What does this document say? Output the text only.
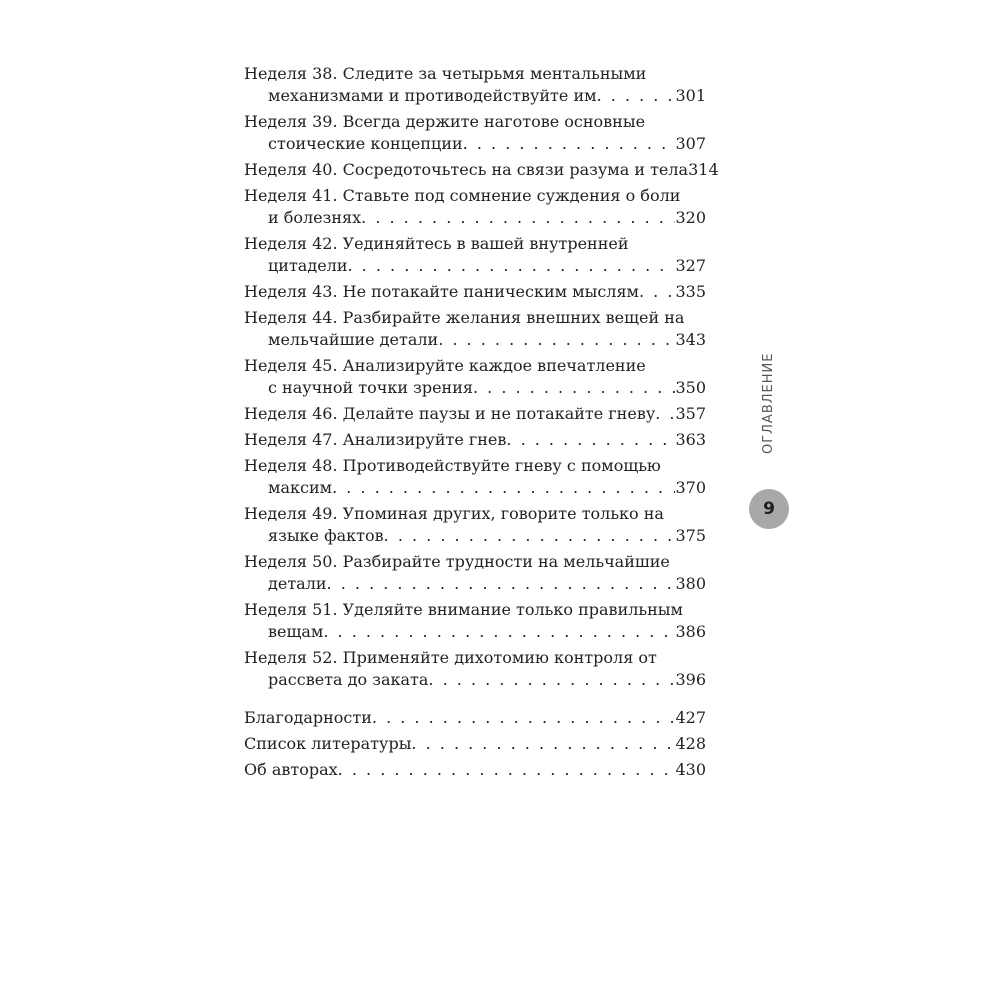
Неделя 38. Следите за четырьмя ментальными
механизмами и противодействуйте им . . .	301
Неделя 39. Всегда держите наготове основные
стоические концепции . . .	307
Неделя 40. Сосредоточьтесь на связи разума и тела 314
Неделя 41. Ставьте под сомнение суждения о боли
и болезнях . . .	320
Неделя 42. Уединяйтесь в вашей внутренней
цитадели . . .	327
Неделя 43. Не потакайте паническим мыслям . . . 335
Неделя 44. Разбирайте желания внешних вещей на
мельчайшие детали . . .	343
Неделя 45. Анализируйте каждое впечатление
с научной точки зрения . . .	350
Неделя 46. Делайте паузы и не потакайте гневу . . . 357
Неделя 47. Анализируйте гнев . . .	363
Неделя 48. Противодействуйте гневу с помощью
максим . . .	370
Неделя 49. Упоминая других, говорите только на
языке фактов . . .	375
Неделя 50. Разбирайте трудности на мельчайшие
детали . . .	380
Неделя 51. Уделяйте внимание только правильным
вещам . . .	386
Неделя 52. Применяйте дихотомию контроля от
рассвета до заката . . .	396
Благодарности . . .	427
Список литературы . . .	428
Об авторах . . .	430
ОГЛАВЛЕНИЕ
9
